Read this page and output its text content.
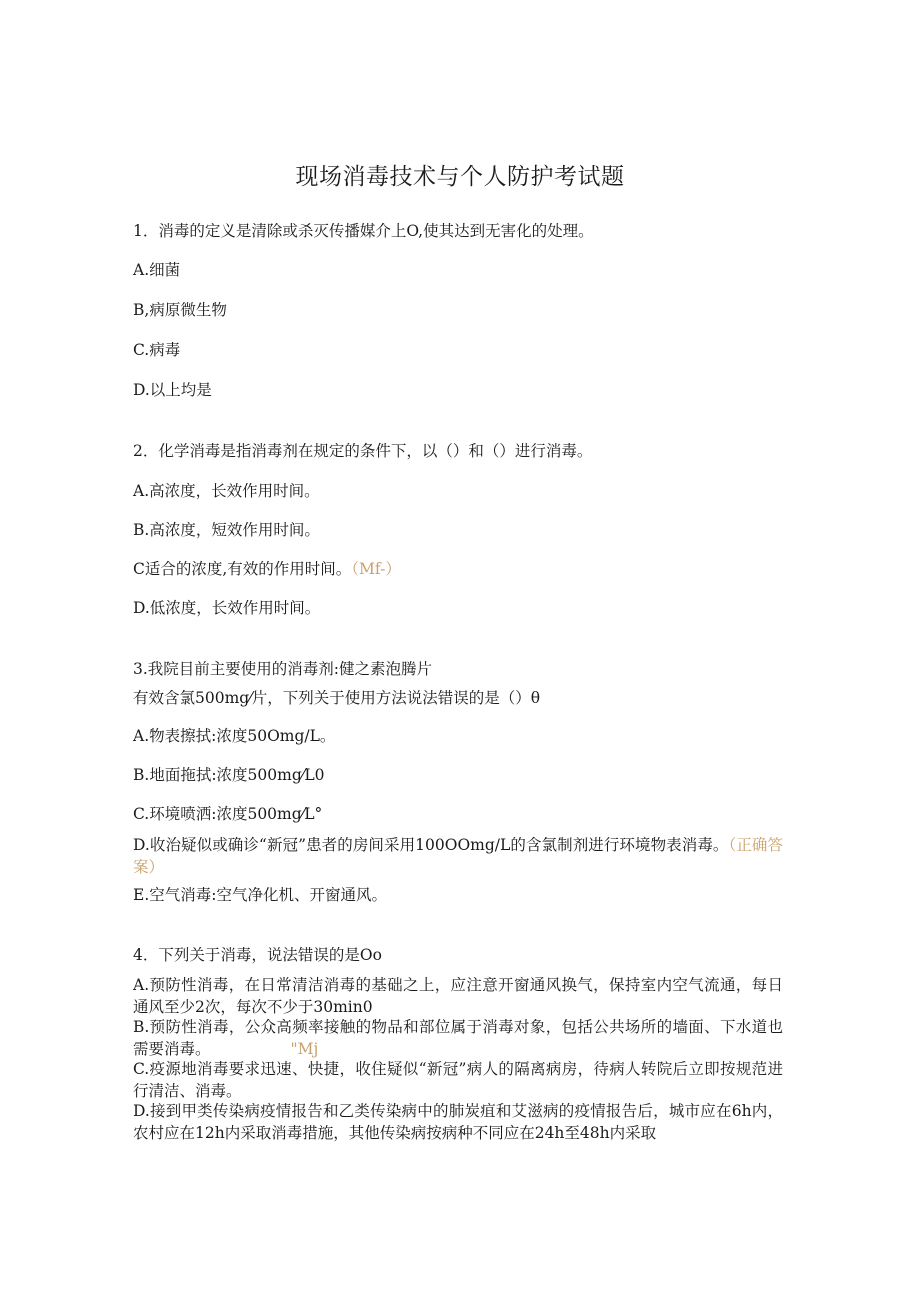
现场消毒技术与个人防护考试题
1．消毒的定义是清除或杀灭传播媒介上O,使其达到无害化的处理。
A.细菌
B,病原微生物
C.病毒
D.以上均是
2．化学消毒是指消毒剂在规定的条件下，以（）和（）进行消毒。
A.高浓度，长效作用时间。
B.高浓度，短效作用时间。
C适合的浓度,有效的作用时间。（Mf-）
D.低浓度，长效作用时间。
3.我院目前主要使用的消毒剂:健之素泡腾片
有效含氯500mg⁄片，下列关于使用方法说法错误的是（）θ
A.物表擦拭:浓度50Omg/L。
B.地面拖拭:浓度500mg⁄L0
C.环境喷洒:浓度500mg⁄L°
D.收治疑似或确诊“新冠”患者的房间采用100OOmg/L的含氯制剂进行环境物表消毒。（正确答案）
E.空气消毒:空气净化机、开窗通风。
4．下列关于消毒，说法错误的是Oo
A.预防性消毒，在日常清洁消毒的基础之上，应注意开窗通风换气，保持室内空气流通，每日通风至少2次，每次不少于30min0
B.预防性消毒，公众高频率接触的物品和部位属于消毒对象，包括公共场所的墙面、下水道也需要消毒。	"Mj
C.疫源地消毒要求迅速、快捷，收住疑似“新冠”病人的隔离病房，待病人转院后立即按规范进行清洁、消毒。
D.接到甲类传染病疫情报告和乙类传染病中的肺炭疽和艾滋病的疫情报告后，城市应在6h内，农村应在12h内采取消毒措施，其他传染病按病种不同应在24h至48h内采取
